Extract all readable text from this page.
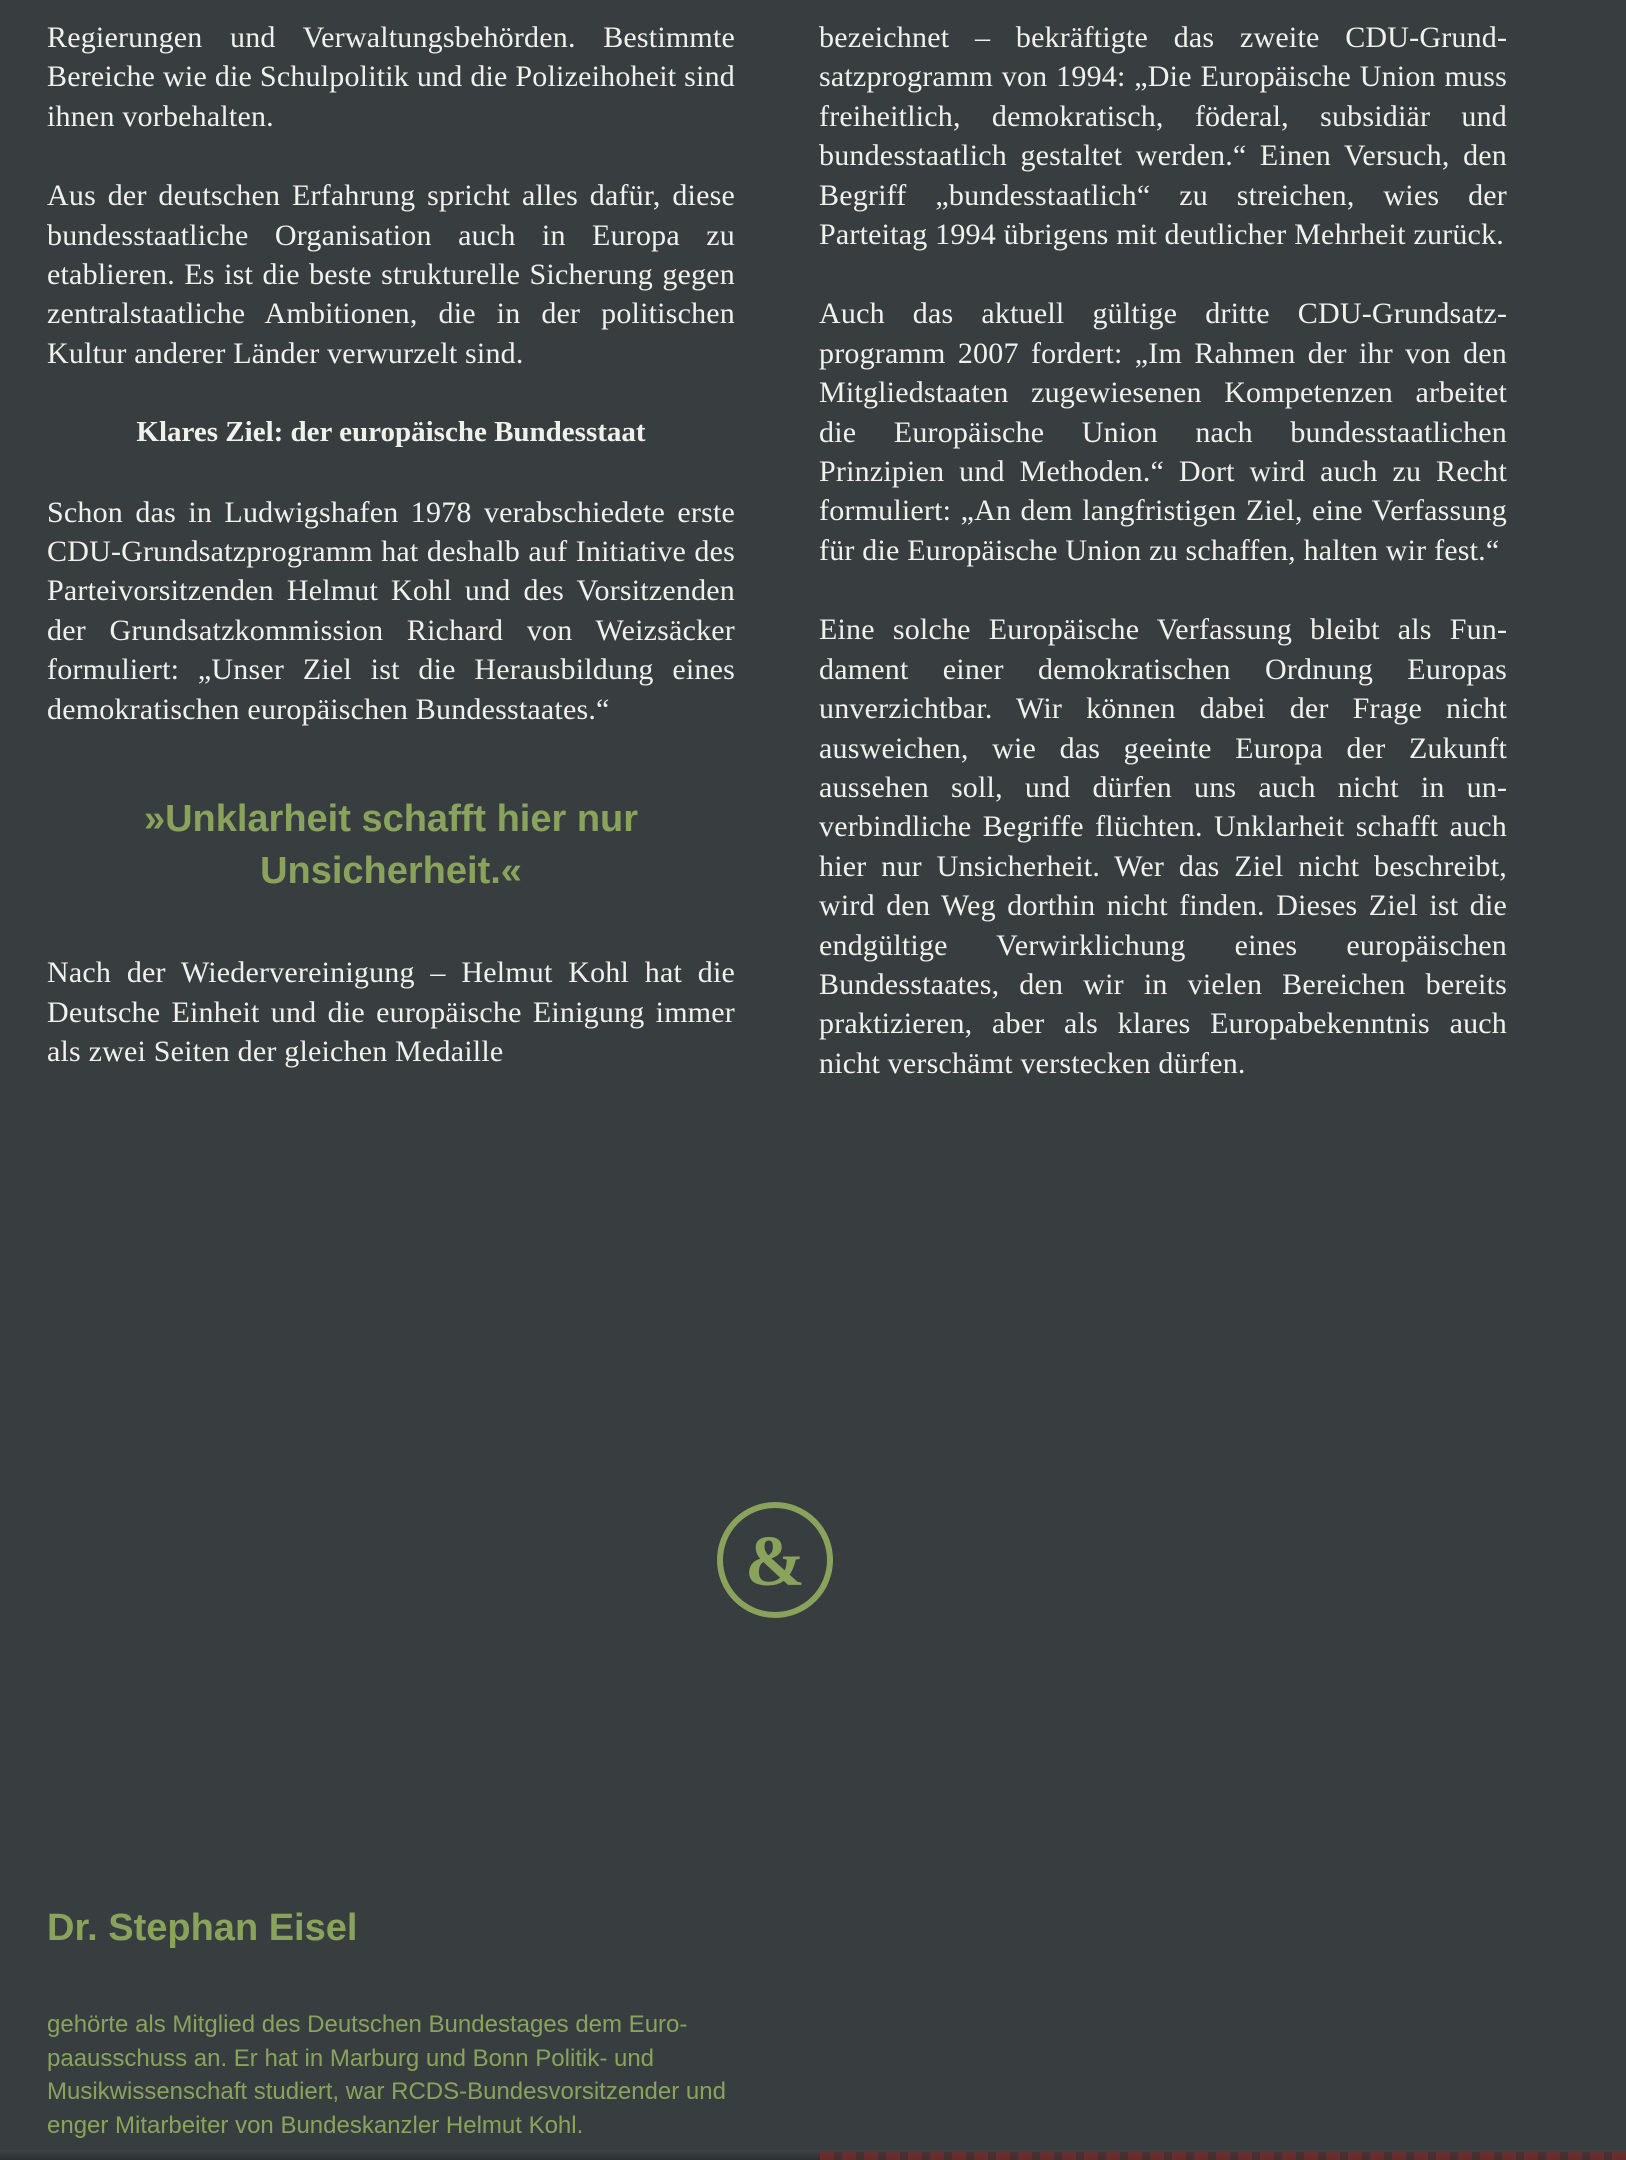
Regierungen und Verwaltungsbehörden. Bestimmte Bereiche wie die Schulpolitik und die Polizeihoheit sind ihnen vorbehalten.

Aus der deutschen Erfahrung spricht alles dafür, diese bundesstaatliche Organisation auch in Europa zu etablieren. Es ist die beste strukturelle Sicherung gegen zentralstaatliche Ambitionen, die in der politischen Kultur anderer Länder verwurzelt sind.

Klares Ziel: der europäische Bundesstaat

Schon das in Ludwigshafen 1978 verabschiedete erste CDU-Grundsatzprogramm hat deshalb auf Initiative des Parteivorsitzenden Helmut Kohl und des Vorsitzenden der Grundsatzkommission Richard von Weizsäcker formuliert: „Unser Ziel ist die Herausbildung eines demokratischen europäischen Bundesstaates.“

»Unklarheit schafft hier nur

Unsicherheit.«

Nach der Wiedervereinigung – Helmut Kohl hat die Deutsche Einheit und die europäische Einigung immer als zwei Seiten der gleichen Medaille

bezeichnet – bekräftigte das zweite CDU-Grundsatzprogramm von 1994: „Die Europäische Union muss freiheitlich, demokratisch, föderal, subsidiär und bundesstaatlich gestaltet werden.“ Einen Versuch, den Begriff „bundesstaatlich“ zu streichen, wies der Parteitag 1994 übrigens mit deutlicher Mehrheit zurück.

Auch das aktuell gültige dritte CDU-Grundsatzprogramm 2007 fordert: „Im Rahmen der ihr von den Mitgliedstaaten zugewiesenen Kompetenzen arbeitet die Europäische Union nach bundesstaatlichen Prinzipien und Methoden.“ Dort wird auch zu Recht formuliert: „An dem langfristigen Ziel, eine Verfassung für die Europäische Union zu schaffen, halten wir fest.“

Eine solche Europäische Verfassung bleibt als Fundament einer demokratischen Ordnung Europas unverzichtbar. Wir können dabei der Frage nicht ausweichen, wie das geeinte Europa der Zukunft aussehen soll, und dürfen uns auch nicht in unverbindliche Begriffe flüchten. Unklarheit schafft auch hier nur Unsicherheit. Wer das Ziel nicht beschreibt, wird den Weg dorthin nicht finden. Dieses Ziel ist die endgültige Verwirklichung eines europäischen Bundesstaates, den wir in vielen Bereichen bereits praktizieren, aber als klares Europabekenntnis auch nicht verschämt verstecken dürfen.

&

Dr. Stephan Eisel

gehörte als Mitglied des Deutschen Bundestages dem Europaausschuss an. Er hat in Marburg und Bonn Politik- und Musikwissenschaft studiert, war RCDS-Bundesvorsitzender und enger Mitarbeiter von Bundeskanzler Helmut Kohl.
